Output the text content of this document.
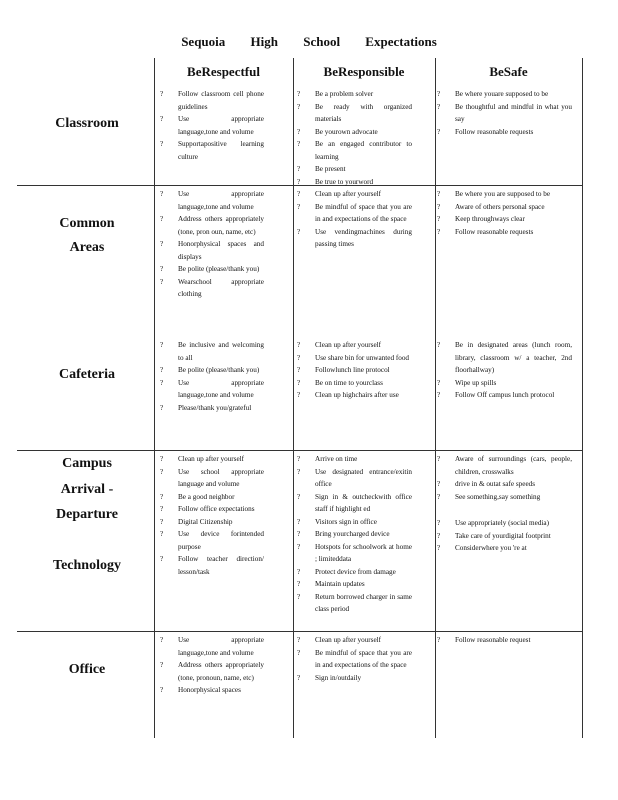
Sequoia High School Expectations
BeRespectful	BeResponsible	BeSafe
Classroom
Common
Areas
Cafeteria
Campus
Arrival -
Departure
Technology
Office
? Follow classroom cell phone guidelines
? Use appropriate language,tone and volume
? Supportapositive learning culture
? Be a problem solver
? Be ready with organized materials
? Be yourown advocate
? Be an engaged contributor to learning
? Be present
? Be true to yourword
? Be where youare supposed to be
? Be thoughtful and mindful in what you say
? Follow reasonable requests
? Use appropriate language,tone and volume
? Address others appropriately (tone, pron oun, name, etc)
? Honorphysical spaces and displays
? Be polite (please/thank you)
? Wearschool appropriate clothing
? Clean up after yourself
? Be mindful of space that you are in and expectations of the space
? Use vendingmachines during passing times
? Be where you are supposed to be
? Aware of others personal space
? Keep throughways clear
? Follow reasonable requests
? Be inclusive and welcoming to all
? Be polite (please/thank you)
? Use appropriate language,tone and volume
? Please/thank you/grateful
? Clean up after yourself
? Use share bin for unwanted food
? Followlunch line protocol
? Be on time to yourclass
? Clean up highchairs after use
? Be in designated areas (lunch room, library, classroom w/ a teacher, 2nd floorhallway)
? Wipe up spills
? Follow Off campus lunch protocol
? Clean up after yourself
? Use school appropriate language and volume
? Be a good neighbor
? Follow office expectations
? Digital Citizenship
? Use device forintended purpose
? Follow teacher direction/ lesson/task
? Arrive on time
? Use designated entrance/exitin office
? Sign in & outcheckwith office staff if highlight ed
? Visitors sign in office
? Bring yourcharged device
? Hotspots for schoolwork at home ; limiteddata
? Protect device from damage
? Maintain updates
? Return borrowed charger in same class period
? Aware of surroundings (cars, people, children, crosswalks
? drive in & outat safe speeds
? See something,say something
? Use appropriately (social media)
? Take care of yourdigital footprint
? Considerwhere you 're at
? Use appropriate language,tone and volume
? Address others appropriately (tone, pronoun, name, etc)
? Honorphysical spaces
? Clean up after yourself
? Be mindful of space that you are in and expectations of the space
? Sign in/outdaily
? Follow reasonable request
